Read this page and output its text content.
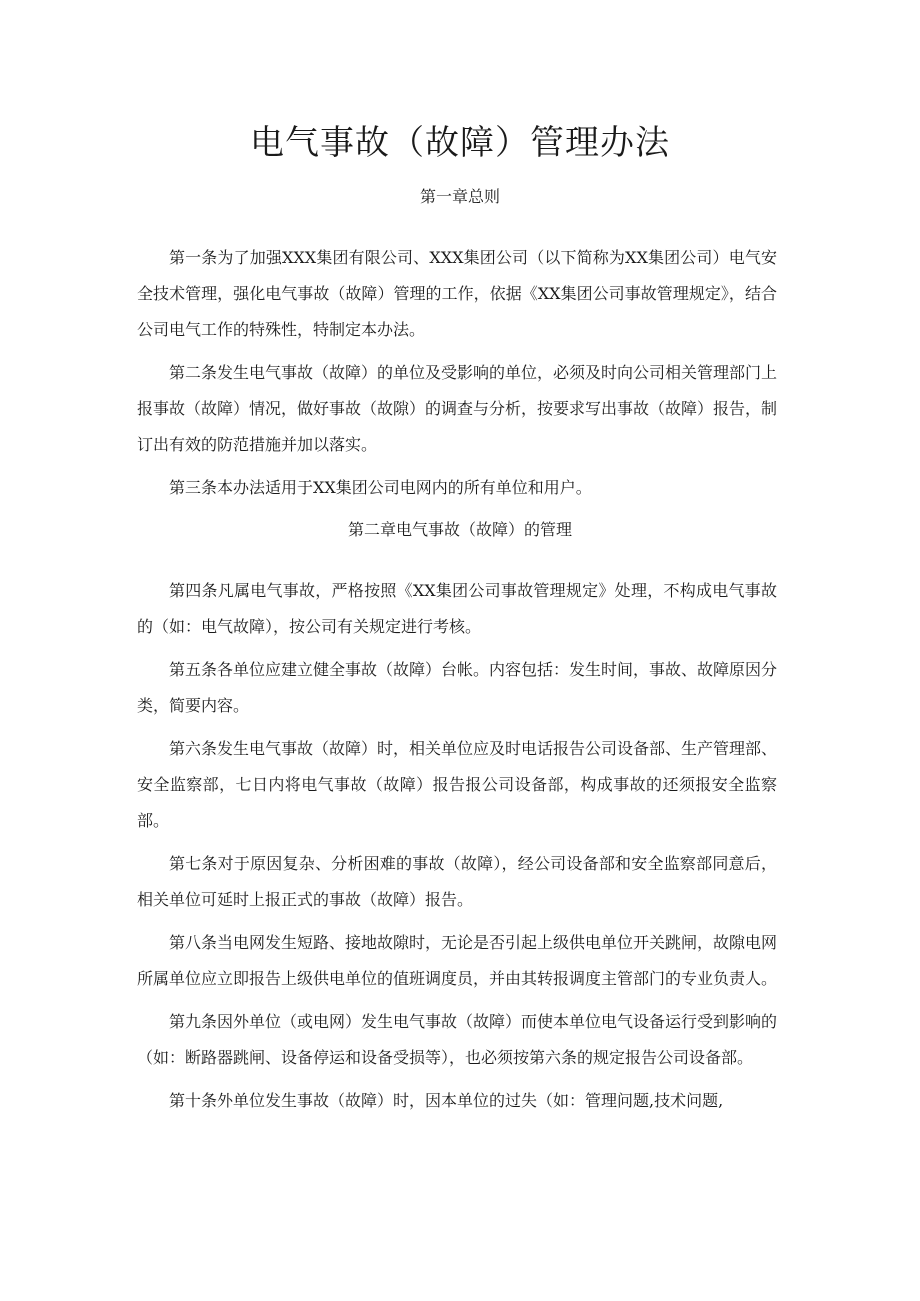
电气事故（故障）管理办法
第一章总则

第一条为了加强XXX集团有限公司、XXX集团公司（以下简称为XX集团公司）电气安全技术管理，强化电气事故（故障）管理的工作，依据《XX集团公司事故管理规定》，结合公司电气工作的特殊性，特制定本办法。

第二条发生电气事故（故障）的单位及受影响的单位，必须及时向公司相关管理部门上报事故（故障）情况，做好事故（故隙）的调查与分析，按要求写出事故（故障）报告，制订出有效的防范措施并加以落实。

第三条本办法适用于XX集团公司电网内的所有单位和用户。

第二章电气事故（故障）的管理

第四条凡属电气事故，严格按照《XX集团公司事故管理规定》处理，不构成电气事故的（如：电气故障），按公司有关规定进行考核。

第五条各单位应建立健全事故（故障）台帐。内容包括：发生时间，事故、故障原因分类，简要内容。

第六条发生电气事故（故障）时，相关单位应及时电话报告公司设备部、生产管理部、安全监察部，七日内将电气事故（故障）报告报公司设备部，构成事故的还须报安全监察部。

第七条对于原因复杂、分析困难的事故（故障），经公司设备部和安全监察部同意后，相关单位可延时上报正式的事故（故障）报告。

第八条当电网发生短路、接地故隙时，无论是否引起上级供电单位开关跳闸，故隙电网所属单位应立即报告上级供电单位的值班调度员，并由其转报调度主管部门的专业负责人。

第九条因外单位（或电网）发生电气事故（故障）而使本单位电气设备运行受到影响的（如：断路器跳闸、设备停运和设备受损等），也必须按第六条的规定报告公司设备部。

第十条外单位发生事故（故障）时，因本单位的过失（如：管理问题,技术问题,
